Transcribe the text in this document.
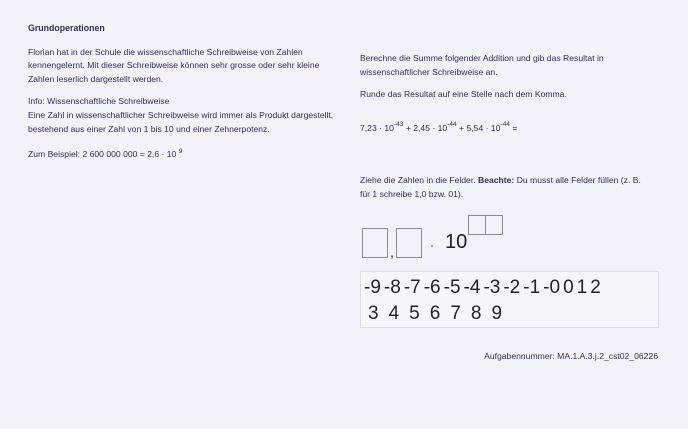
Grundoperationen

Florian hat in der Schule die wissenschaftliche Schreibweise von Zahlen kennengelernt. Mit dieser Schreibweise können sehr grosse oder sehr kleine Zahlen leserlich dargestellt werden.

Info: Wissenschaftliche Schreibweise

Eine Zahl in wissenschaftlicher Schreibweise wird immer als Produkt dargestellt, bestehend aus einer Zahl von 1 bis 10 und einer Zehnerpotenz.

Zum Beispiel: 2 600 000 000 = 2,6 · 10 $^9$

Berechne die Summe folgender Addition und gib das Resultat in wissenschaftlicher Schreibweise an.

Runde das Resultat auf eine Stelle nach dem Komma.

$7,23 \cdot 10^{-43} + 2,45 \cdot 10^{-44} + 5,54 \cdot 10^{-44}$ =
Ziehe die Zahlen in die Felder. Beachte: Du musst alle Felder füllen (z. B. für 1 schreibe 1,0 bzw. 01).
,	· 10
-9 -8 -7 -6 -5 -4 -3 -2 -1 -0 0 1 2
3 4 5 6 7 8 9
Aufgabennummer: MA.1.A.3.j.2_cst02_06226
